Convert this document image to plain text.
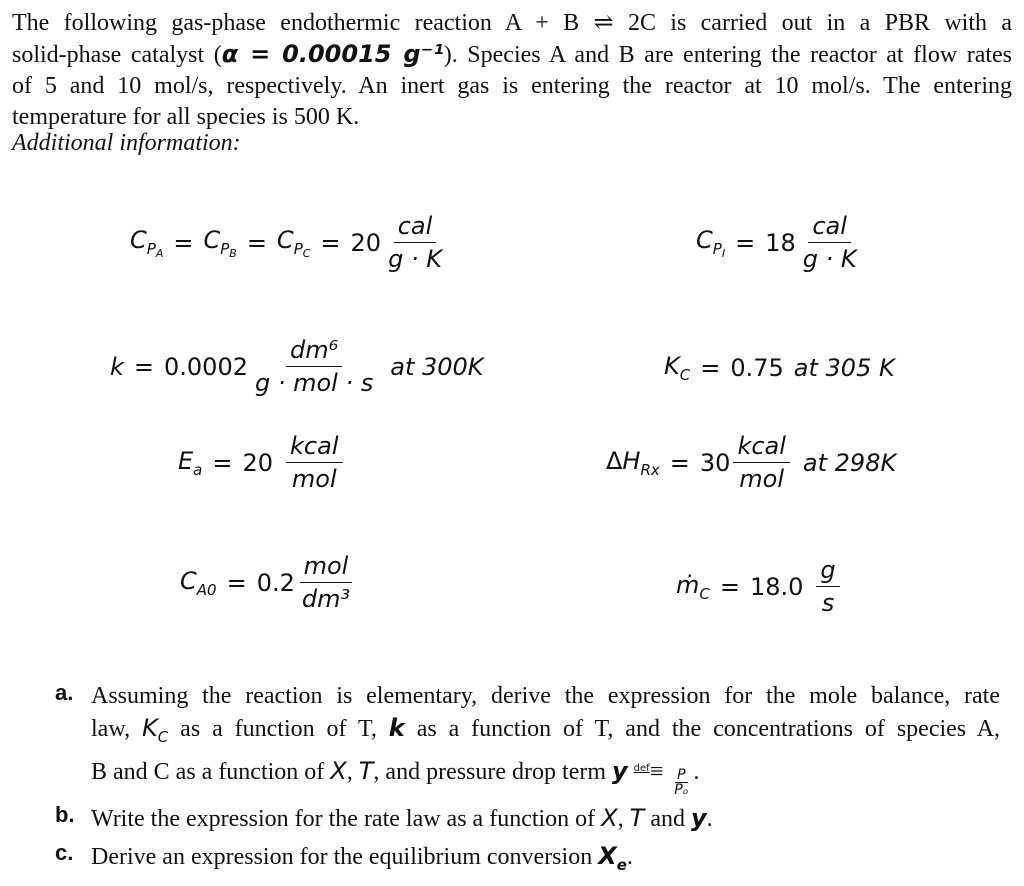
The following gas-phase endothermic reaction A + B ⇌ 2C is carried out in a PBR with a
solid-phase catalyst (α = 0.00015 g⁻¹). Species A and B are entering the reactor at flow rates
of 5 and 10 mol/s, respectively. An inert gas is entering the reactor at 10 mol/s. The entering
temperature for all species is 500 K.
Additional information:
$C_{P_A} = C_{P_B} = C_{P_C} = 20 \frac{\text{cal}}{g \cdot K}$	$C_{P_I} = 18 \frac{\text{cal}}{g \cdot K}$
$k = 0.0002 \frac{\text{dm⁶}}{\text{g · mol · s}}$ at 300K	$K_C = 0.75$ at 305 K
$E_a = 20 \frac{\text{kcal}}{\text{mol}}$	$\Delta H_{Rx} = 30 \frac{\text{kcal}}{\text{mol}}$ at 298K
$C_{A0} = 0.2 \frac{\text{mol}}{\text{dm³}}$	ṁ$_C$ = $18.0 \frac{g}{s}$
a. Assuming the reaction is elementary, derive the expression for the mole balance, rate
law, $K_C$ as a function of T, k as a function of T, and the concentrations of species A,
B and C as a function of X, T, and pressure drop term y $def\equiv \frac{P}{\text{Pₒ}}$ .
b. Write the expression for the rate law as a function of X, T and y.
c. Derive an expression for the equilibrium conversion $X_e$.
